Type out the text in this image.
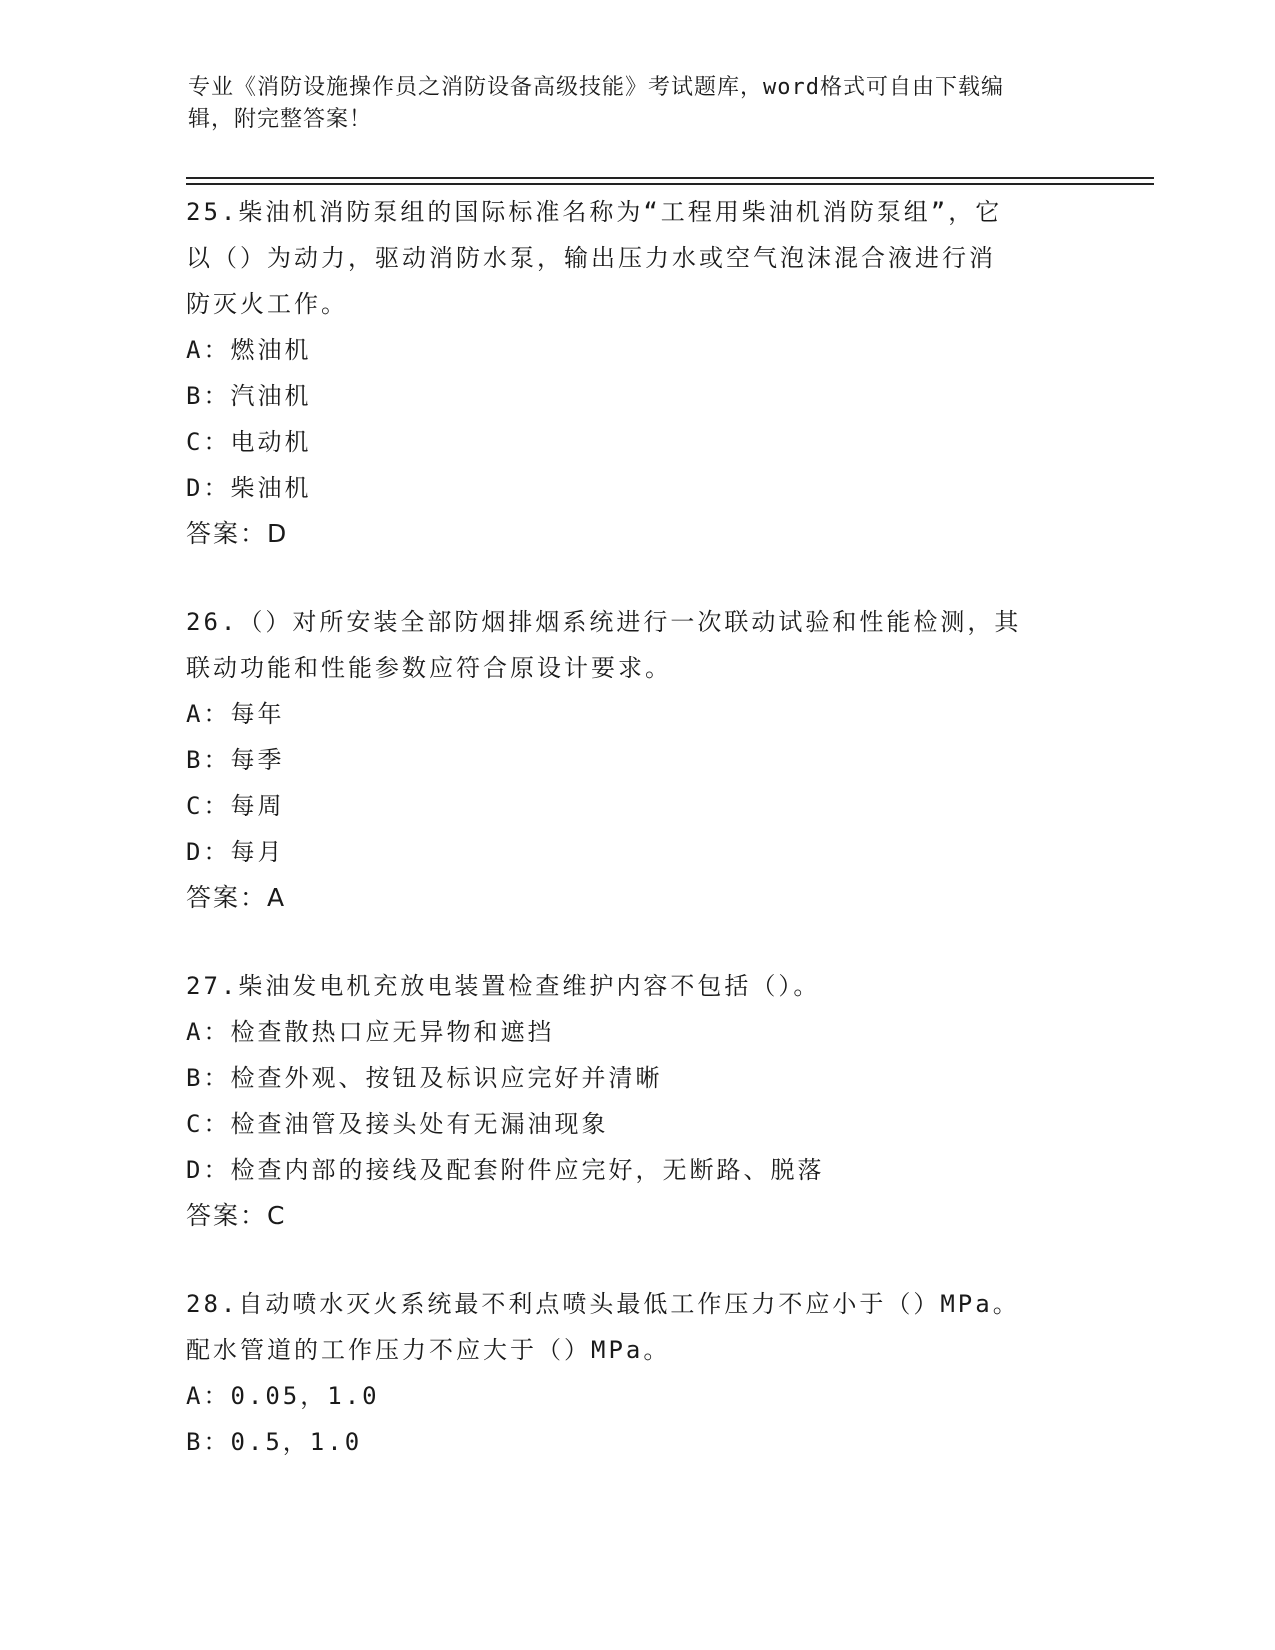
专业《消防设施操作员之消防设备高级技能》考试题库，word格式可自由下载编
辑，附完整答案！

25.柴油机消防泵组的国际标准名称为“工程用柴油机消防泵组”，它

以（）为动力，驱动消防水泵，输出压力水或空气泡沫混合液进行消

防灭火工作。

A：燃油机

B：汽油机

C：电动机

D：柴油机

答案：D

26.（）对所安装全部防烟排烟系统进行一次联动试验和性能检测，其

联动功能和性能参数应符合原设计要求。

A：每年

B：每季

C：每周

D：每月

答案：A

27.柴油发电机充放电装置检查维护内容不包括（）。

A：检查散热口应无异物和遮挡

B：检查外观、按钮及标识应完好并清晰

C：检查油管及接头处有无漏油现象

D：检查内部的接线及配套附件应完好，无断路、脱落

答案：C

28.自动喷水灭火系统最不利点喷头最低工作压力不应小于（）MPa。

配水管道的工作压力不应大于（）MPa。

A：0.05，1.0

B：0.5，1.0
